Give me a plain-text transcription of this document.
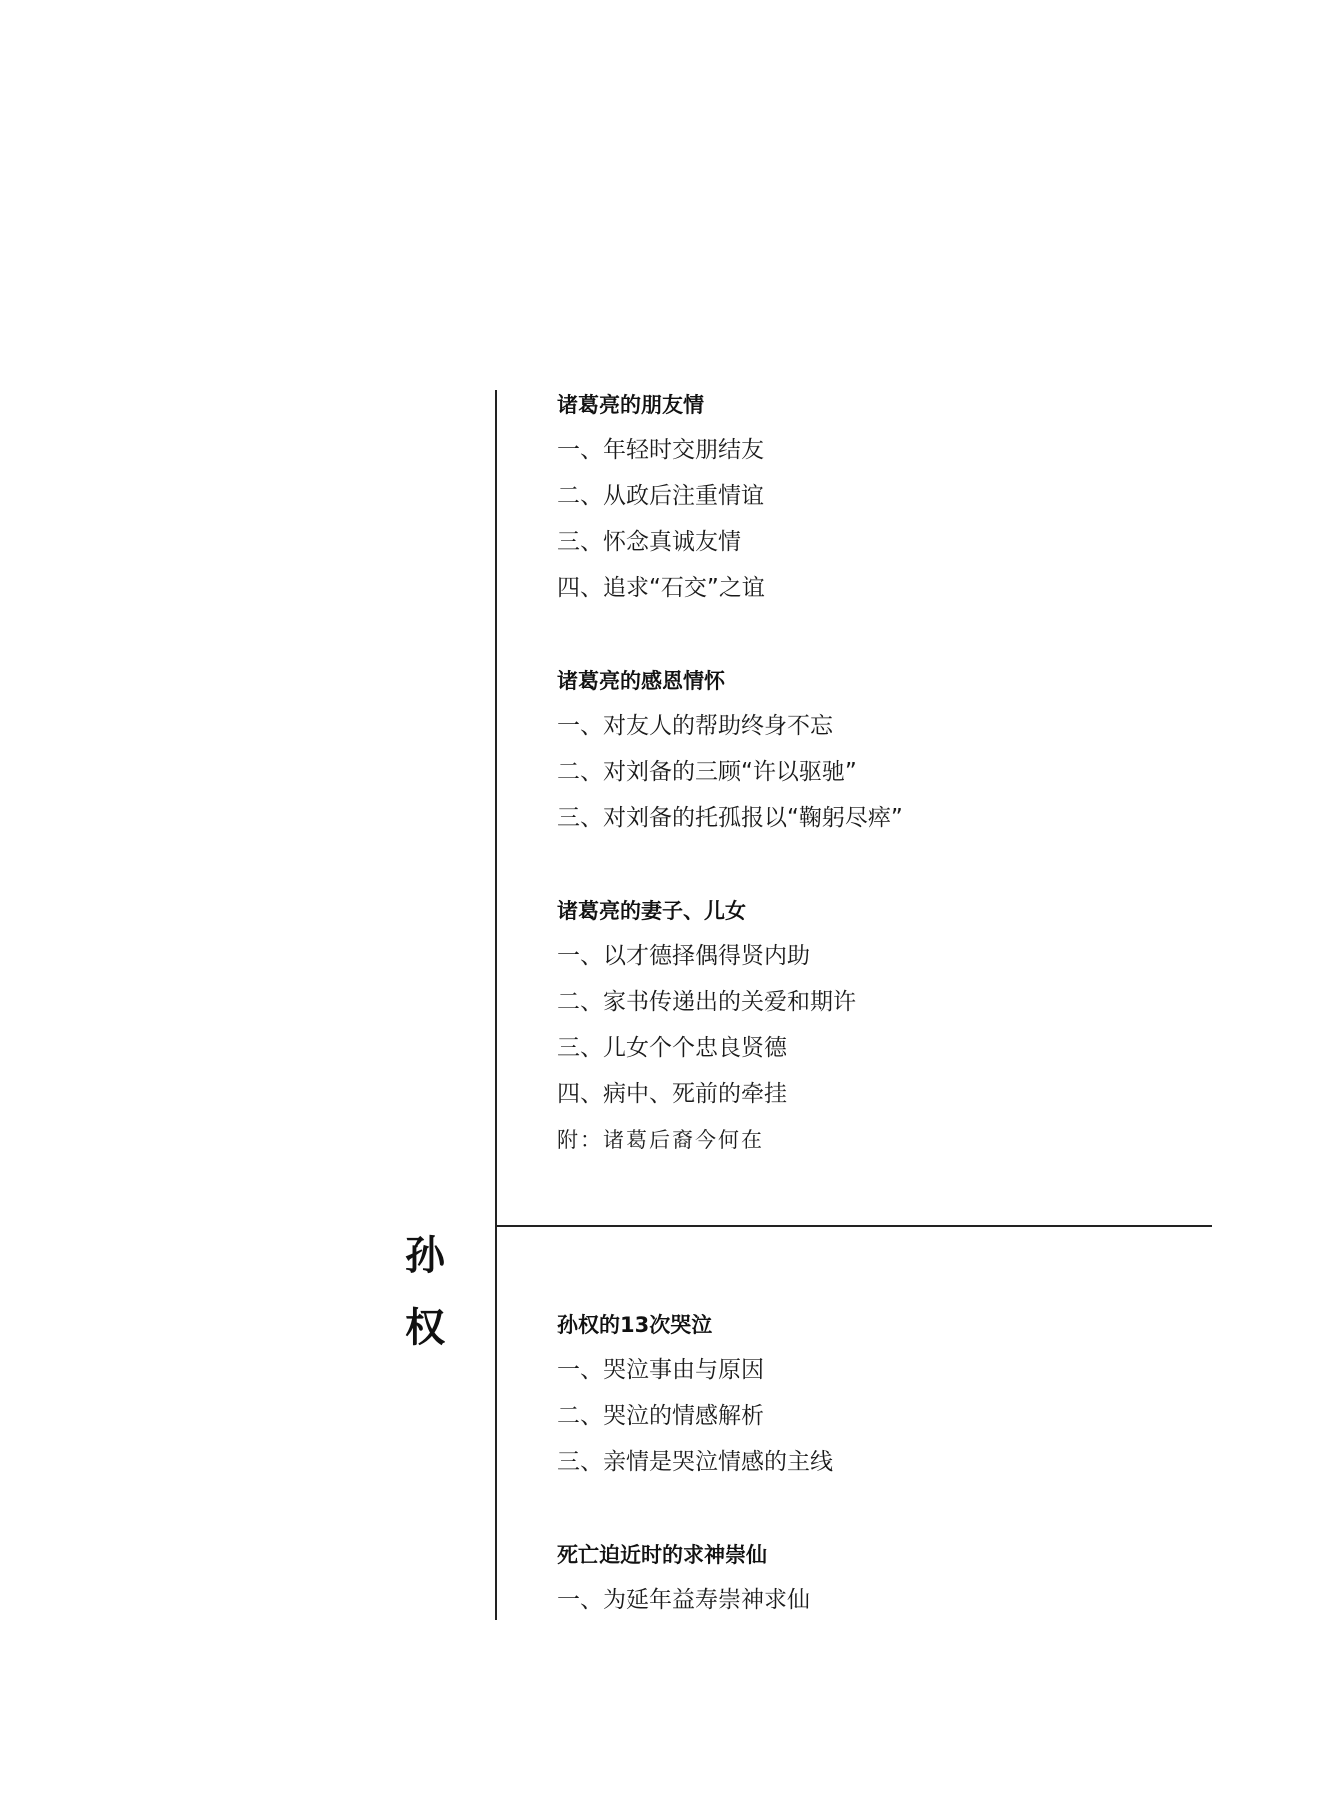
孙
权
诸葛亮的朋友情
一、年轻时交朋结友
二、从政后注重情谊
三、怀念真诚友情
四、追求“石交”之谊
诸葛亮的感恩情怀
一、对友人的帮助终身不忘
二、对刘备的三顾“许以驱驰”
三、对刘备的托孤报以“鞠躬尽瘁”
诸葛亮的妻子、儿女
一、以才德择偶得贤内助
二、家书传递出的关爱和期许
三、儿女个个忠良贤德
四、病中、死前的牵挂
附：诸葛后裔今何在
孙权的13次哭泣
一、哭泣事由与原因
二、哭泣的情感解析
三、亲情是哭泣情感的主线
死亡迫近时的求神崇仙
一、为延年益寿崇神求仙
